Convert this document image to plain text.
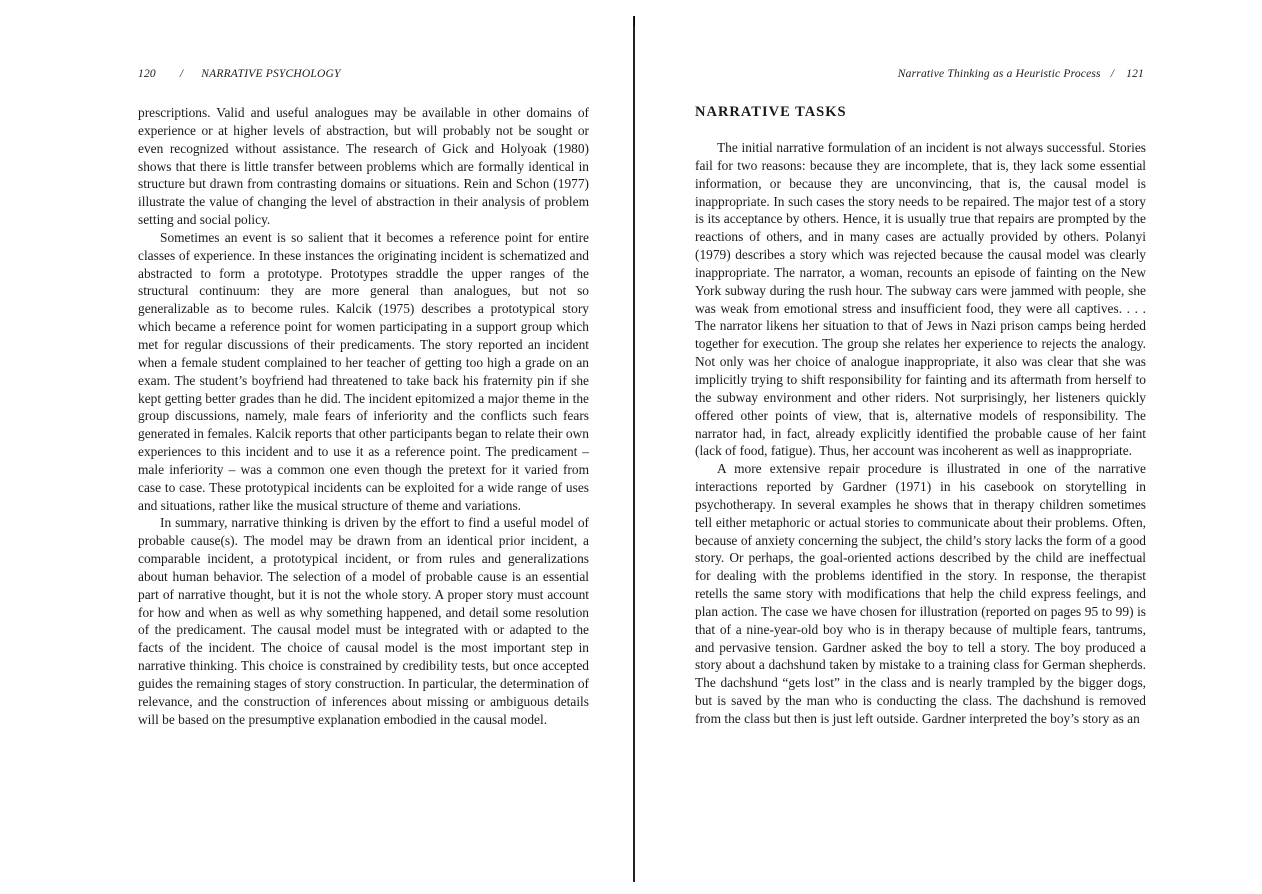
120 / NARRATIVE PSYCHOLOGY

prescriptions. Valid and useful analogues may be available in other domains of experience or at higher levels of abstraction, but will probably not be sought or even recognized without assistance. The research of Gick and Holyoak (1980) shows that there is little transfer between problems which are formally identical in structure but drawn from contrasting domains or situations. Rein and Schon (1977) illustrate the value of changing the level of abstraction in their analysis of problem setting and social policy.

Sometimes an event is so salient that it becomes a reference point for entire classes of experience. In these instances the originating incident is schematized and abstracted to form a prototype. Prototypes straddle the upper ranges of the structural continuum: they are more general than analogues, but not so generalizable as to become rules. Kalcik (1975) describes a prototypical story which became a reference point for women participating in a support group which met for regular discussions of their predicaments. The story reported an incident when a female student complained to her teacher of getting too high a grade on an exam. The student’s boyfriend had threatened to take back his fraternity pin if she kept getting better grades than he did. The incident epitomized a major theme in the group discussions, namely, male fears of inferiority and the conflicts such fears generated in females. Kalcik reports that other participants began to relate their own experiences to this incident and to use it as a reference point. The predicament – male inferiority – was a common one even though the pretext for it varied from case to case. These prototypical incidents can be exploited for a wide range of uses and situations, rather like the musical structure of theme and variations.

In summary, narrative thinking is driven by the effort to find a useful model of probable cause(s). The model may be drawn from an identical prior incident, a comparable incident, a prototypical incident, or from rules and generalizations about human behavior. The selection of a model of probable cause is an essential part of narrative thought, but it is not the whole story. A proper story must account for how and when as well as why something happened, and detail some resolution of the predicament. The causal model must be integrated with or adapted to the facts of the incident. The choice of causal model is the most important step in narrative thinking. This choice is constrained by credibility tests, but once accepted guides the remaining stages of story construction. In particular, the determination of relevance, and the construction of inferences about missing or ambiguous details will be based on the presumptive explanation embodied in the causal model.

Narrative Thinking as a Heuristic Process / 121
NARRATIVE TASKS

The initial narrative formulation of an incident is not always successful. Stories fail for two reasons: because they are incomplete, that is, they lack some essential information, or because they are unconvincing, that is, the causal model is inappropriate. In such cases the story needs to be repaired. The major test of a story is its acceptance by others. Hence, it is usually true that repairs are prompted by the reactions of others, and in many cases are actually provided by others. Polanyi (1979) describes a story which was rejected because the causal model was clearly inappropriate. The narrator, a woman, recounts an episode of fainting on the New York subway during the rush hour. The subway cars were jammed with people, she was weak from emotional stress and insufficient food, they were all captives. . . . The narrator likens her situation to that of Jews in Nazi prison camps being herded together for execution. The group she relates her experience to rejects the analogy. Not only was her choice of analogue inappropriate, it also was clear that she was implicitly trying to shift responsibility for fainting and its aftermath from herself to the subway environment and other riders. Not surprisingly, her listeners quickly offered other points of view, that is, alternative models of responsibility. The narrator had, in fact, already explicitly identified the probable cause of her faint (lack of food, fatigue). Thus, her account was incoherent as well as inappropriate.

A more extensive repair procedure is illustrated in one of the narrative interactions reported by Gardner (1971) in his casebook on storytelling in psychotherapy. In several examples he shows that in therapy children sometimes tell either metaphoric or actual stories to communicate about their problems. Often, because of anxiety concerning the subject, the child’s story lacks the form of a good story. Or perhaps, the goal-oriented actions described by the child are ineffectual for dealing with the problems identified in the story. In response, the therapist retells the same story with modifications that help the child express feelings, and plan action. The case we have chosen for illustration (reported on pages 95 to 99) is that of a nine-year-old boy who is in therapy because of multiple fears, tantrums, and pervasive tension. Gardner asked the boy to tell a story. The boy produced a story about a dachshund taken by mistake to a training class for German shepherds. The dachshund “gets lost” in the class and is nearly trampled by the bigger dogs, but is saved by the man who is conducting the class. The dachshund is removed from the class but then is just left outside. Gardner interpreted the boy’s story as an
